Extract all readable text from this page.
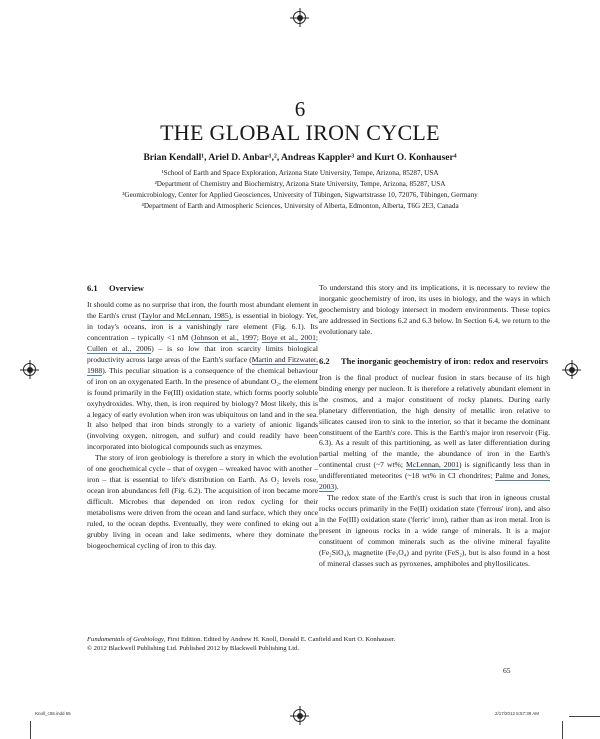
6
THE GLOBAL IRON CYCLE
Brian Kendall¹, Ariel D. Anbar¹,², Andreas Kappler³ and Kurt O. Konhauser⁴
¹School of Earth and Space Exploration, Arizona State University, Tempe, Arizona, 85287, USA
²Department of Chemistry and Biochemistry, Arizona State University, Tempe, Arizona, 85287, USA
³Geomicrobiology, Center for Applied Geosciences, University of Tübingen, Sigwartstrasse 10, 72076, Tübingen, Germany
⁴Department of Earth and Atmospheric Sciences, University of Alberta, Edmonton, Alberta, T6G 2E3, Canada
6.1 Overview

It should come as no surprise that iron, the fourth most abundant element in the Earth's crust (Taylor and McLennan, 1985), is essential in biology. Yet, in today's oceans, iron is a vanishingly rare element (Fig. 6.1). Its concentration – typically <1 nM (Johnson et al., 1997; Boye et al., 2001; Cullen et al., 2006) – is so low that iron scarcity limits biological productivity across large areas of the Earth's surface (Martin and Fitzwater, 1988). This peculiar situation is a consequence of the chemical behaviour of iron on an oxygenated Earth. In the presence of abundant O₂, the element is found primarily in the Fe(III) oxidation state, which forms poorly soluble oxyhydroxides. Why, then, is iron required by biology? Most likely, this is a legacy of early evolution when iron was ubiquitous on land and in the sea. It also helped that iron binds strongly to a variety of anionic ligands (involving oxygen, nitrogen, and sulfur) and could readily have been incorporated into biological compounds such as enzymes.

The story of iron geobiology is therefore a story in which the evolution of one geochemical cycle – that of oxygen – wreaked havoc with another – iron – that is essential to life's distribution on Earth. As O₂ levels rose, ocean iron abundances fell (Fig. 6.2). The acquisition of iron became more difficult. Microbes that depended on iron redox cycling for their metabolisms were driven from the ocean and land surface, which they once ruled, to the ocean depths. Eventually, they were confined to eking out a grubby living in ocean and lake sediments, where they dominate the biogeochemical cycling of iron to this day.

To understand this story and its implications, it is necessary to review the inorganic geochemistry of iron, its uses in biology, and the ways in which geochemistry and biology intersect in modern environments. These topics are addressed in Sections 6.2 and 6.3 below. In Section 6.4, we return to the evolutionary tale.

6.2 The inorganic geochemistry of iron: redox and reservoirs

Iron is the final product of nuclear fusion in stars because of its high binding energy per nucleon. It is therefore a relatively abundant element in the cosmos, and a major constituent of rocky planets. During early planetary differentiation, the high density of metallic iron relative to silicates caused iron to sink to the interior, so that it became the dominant constituent of the Earth's core. This is the Earth's major iron reservoir (Fig. 6.3). As a result of this partitioning, as well as later differentiation during partial melting of the mantle, the abundance of iron in the Earth's continental crust (~7 wt%; McLennan, 2001) is significantly less than in undifferentiated meteorites (~18 wt% in CI chondrites; Palme and Jones, 2003).

The redox state of the Earth's crust is such that iron in igneous crustal rocks occurs primarily in the Fe(II) oxidation state ('ferrous' iron), and also in the Fe(III) oxidation state ('ferric' iron), rather than as iron metal. Iron is present in igneous rocks in a wide range of minerals. It is a major constituent of common minerals such as the olivine mineral fayalite (Fe₂SiO₄), magnetite (Fe₃O₄) and pyrite (FeS₂), but is also found in a host of mineral classes such as pyroxenes, amphiboles and phyllosilicates.

Fundamentals of Geobiology, First Edition. Edited by Andrew H. Knoll, Donald E. Canfield and Kurt O. Konhauser.
© 2012 Blackwell Publishing Ltd. Published 2012 by Blackwell Publishing Ltd.
65
Knoll_c06.indd 65	2/17/2012 5:57:39 AM
